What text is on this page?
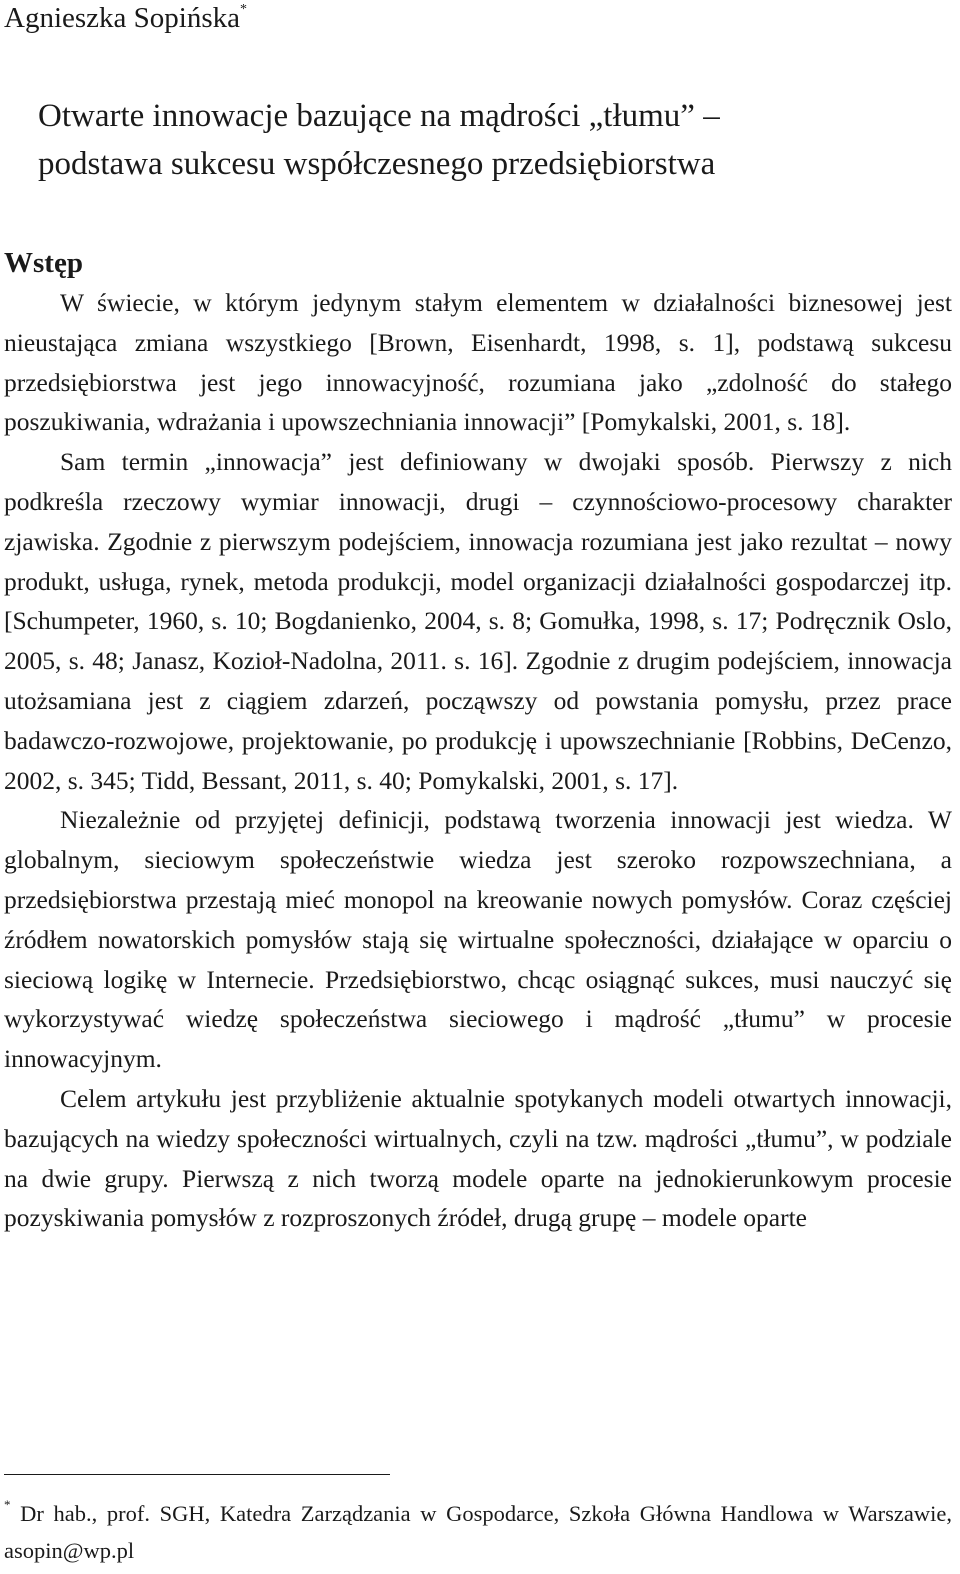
Agnieszka Sopińska*
Otwarte innowacje bazujące na mądrości „tłumu” –
podstawa sukcesu współczesnego przedsiębiorstwa
Wstęp

W świecie, w którym jedynym stałym elementem w działalności biznesowej jest nieustająca zmiana wszystkiego [Brown, Eisenhardt, 1998, s. 1], podstawą sukcesu przedsiębiorstwa jest jego innowacyjność, rozumiana jako „zdolność do stałego poszukiwania, wdrażania i upowszechniania innowacji” [Pomykalski, 2001, s. 18].

Sam termin „innowacja” jest definiowany w dwojaki sposób. Pierwszy z nich podkreśla rzeczowy wymiar innowacji, drugi – czynnościowo-procesowy charakter zjawiska. Zgodnie z pierwszym podejściem, innowacja rozumiana jest jako rezultat – nowy produkt, usługa, rynek, metoda produkcji, model organizacji działalności gospodarczej itp. [Schumpeter, 1960, s. 10; Bogdanienko, 2004, s. 8; Gomułka, 1998, s. 17; Podręcznik Oslo, 2005, s. 48; Janasz, Kozioł-Nadolna, 2011. s. 16]. Zgodnie z drugim podejściem, innowacja utożsamiana jest z ciągiem zdarzeń, począwszy od powstania pomysłu, przez prace badawczo-rozwojowe, projektowanie, po produkcję i upowszechnianie [Robbins, DeCenzo, 2002, s. 345; Tidd, Bessant, 2011, s. 40; Pomykalski, 2001, s. 17].

Niezależnie od przyjętej definicji, podstawą tworzenia innowacji jest wiedza. W globalnym, sieciowym społeczeństwie wiedza jest szeroko rozpowszechniana, a przedsiębiorstwa przestają mieć monopol na kreowanie nowych pomysłów. Coraz częściej źródłem nowatorskich pomysłów stają się wirtualne społeczności, działające w oparciu o sieciową logikę w Internecie. Przedsiębiorstwo, chcąc osiągnąć sukces, musi nauczyć się wykorzystywać wiedzę społeczeństwa sieciowego i mądrość „tłumu” w procesie innowacyjnym.

Celem artykułu jest przybliżenie aktualnie spotykanych modeli otwartych innowacji, bazujących na wiedzy społeczności wirtualnych, czyli na tzw. mądrości „tłumu”, w podziale na dwie grupy. Pierwszą z nich tworzą modele oparte na jednokierunkowym procesie pozyskiwania pomysłów z rozproszonych źródeł, drugą grupę – modele oparte

* Dr hab., prof. SGH, Katedra Zarządzania w Gospodarce, Szkoła Główna Handlowa w Warszawie, asopin@wp.pl
